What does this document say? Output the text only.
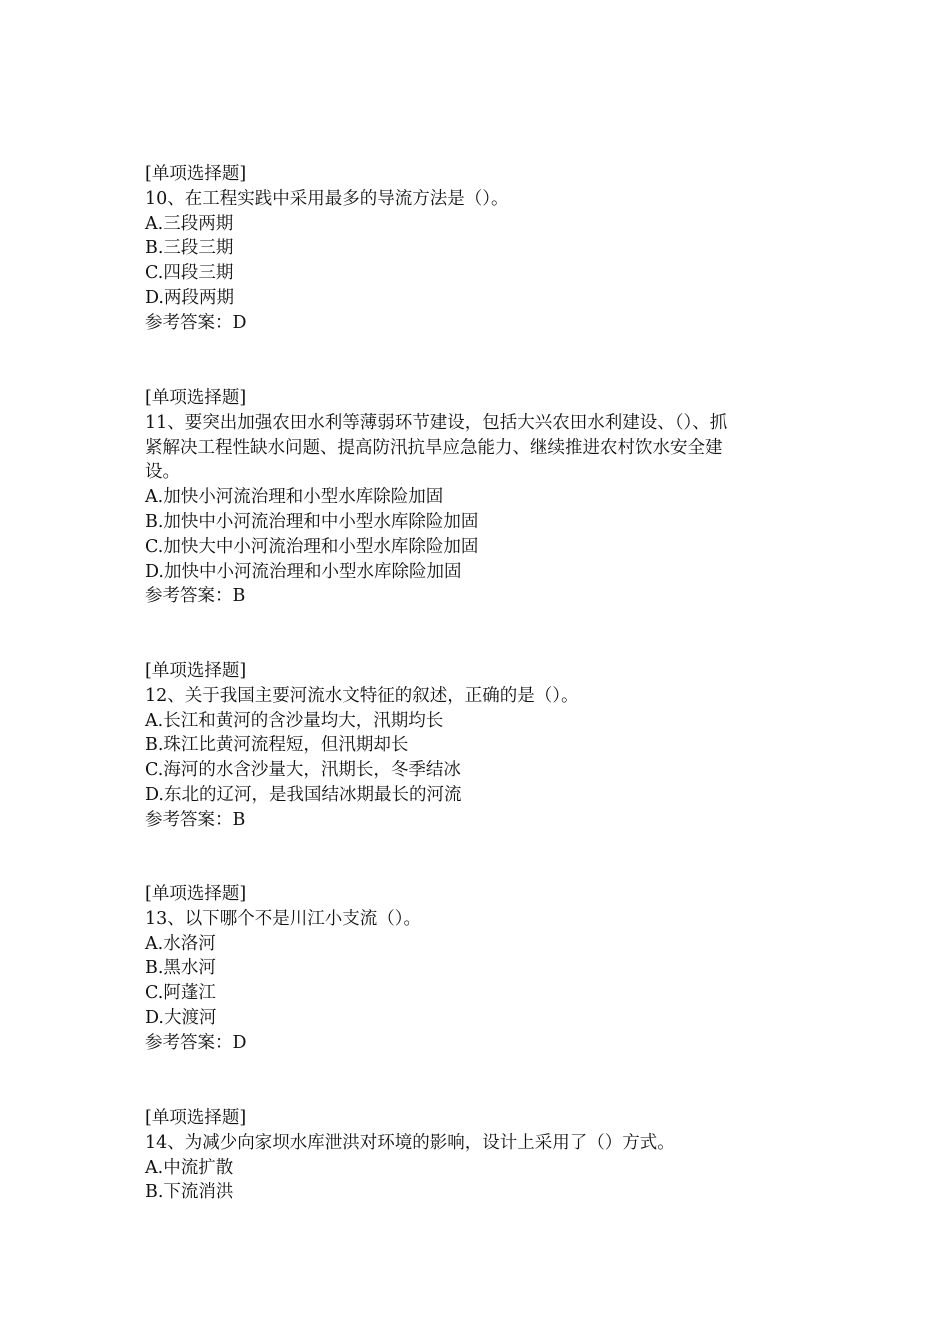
[单项选择题]
10、在工程实践中采用最多的导流方法是（）。
A.三段两期
B.三段三期
C.四段三期
D.两段两期
参考答案：D
[单项选择题]
11、要突出加强农田水利等薄弱环节建设，包括大兴农田水利建设、（）、抓
紧解决工程性缺水问题、提高防汛抗旱应急能力、继续推进农村饮水安全建
设。
A.加快小河流治理和小型水库除险加固
B.加快中小河流治理和中小型水库除险加固
C.加快大中小河流治理和小型水库除险加固
D.加快中小河流治理和小型水库除险加固
参考答案：B
[单项选择题]
12、关于我国主要河流水文特征的叙述，正确的是（）。
A.长江和黄河的含沙量均大，汛期均长
B.珠江比黄河流程短，但汛期却长
C.海河的水含沙量大，汛期长，冬季结冰
D.东北的辽河，是我国结冰期最长的河流
参考答案：B
[单项选择题]
13、以下哪个不是川江小支流（）。
A.水洛河
B.黑水河
C.阿蓬江
D.大渡河
参考答案：D
[单项选择题]
14、为减少向家坝水库泄洪对环境的影响，设计上采用了（）方式。
A.中流扩散
B.下流消洪
